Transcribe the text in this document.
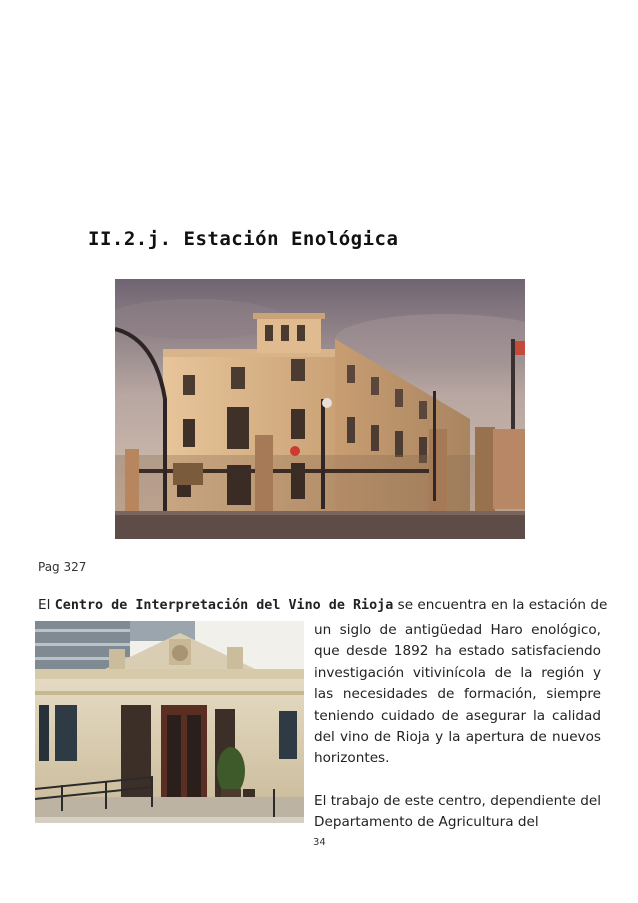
II.2.j. Estación Enológica
Pag 327
El Centro de Interpretación del Vino de Rioja se encuentra en la estación de

un siglo de antigüedad Haro enológico, que desde 1892 ha estado satisfaciendo investigación vitivinícola de la región y las necesidades de formación, siempre teniendo cuidado de asegurar la calidad del vino de Rioja y la apertura de nuevos horizontes.

El trabajo de este centro, dependiente del Departamento de Agricultura del

34
